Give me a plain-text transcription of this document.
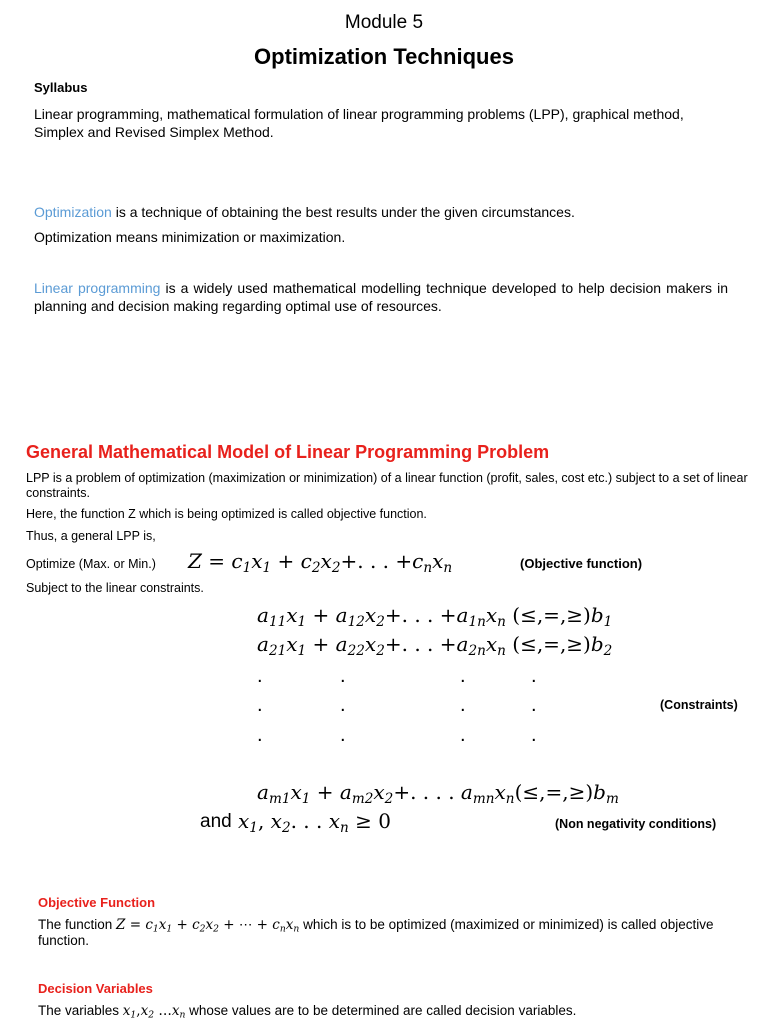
Module 5
Optimization Techniques
Syllabus
Linear programming, mathematical formulation of linear programming problems (LPP), graphical method, Simplex and Revised Simplex Method.
Optimization is a technique of obtaining the best results under the given circumstances.
Optimization means minimization or maximization.
Linear programming is a widely used mathematical modelling technique developed to help decision makers in planning and decision making regarding optimal use of resources.
General Mathematical Model of Linear Programming Problem
LPP is a problem of optimization (maximization or minimization) of a linear function (profit, sales, cost etc.) subject to a set of linear constraints.
Here, the function Z which is being optimized is called objective function.
Thus, a general LPP is,
Optimize (Max. or Min.) $Z = c_1x_1 + c_2x_2+$. . . $+c_nx_n$	(Objective function)
Subject to the linear constraints.
$a_{11}x_1 + a_{12}x_2+$. . . $+a_{1n}x_n$ $(\le,=,\ge)b_1$
$a_{21}x_1 + a_{22}x_2+$. . . $+a_{2n}x_n$ $(\le,=,\ge)b_2$
.	.	.	.
.	.	.	.
.	.	.	.
(Constraints)
$a_{m1}x_1 + a_{m2}x_2+$. . . . $a_{mn}x_n(\le,=,\ge)b_m$
and $x_1$, $x_2$. . . $x_n \ge 0$	(Non negativity conditions)
Objective Function
The function $Z = c_1x_1 + c_2x_2$ + ⋯ + $c_nx_n$ which is to be optimized (maximized or minimized) is called objective function.
Decision Variables
The variables $x_1,x_2$ $\dots x_n$ whose values are to be determined are called decision variables.
